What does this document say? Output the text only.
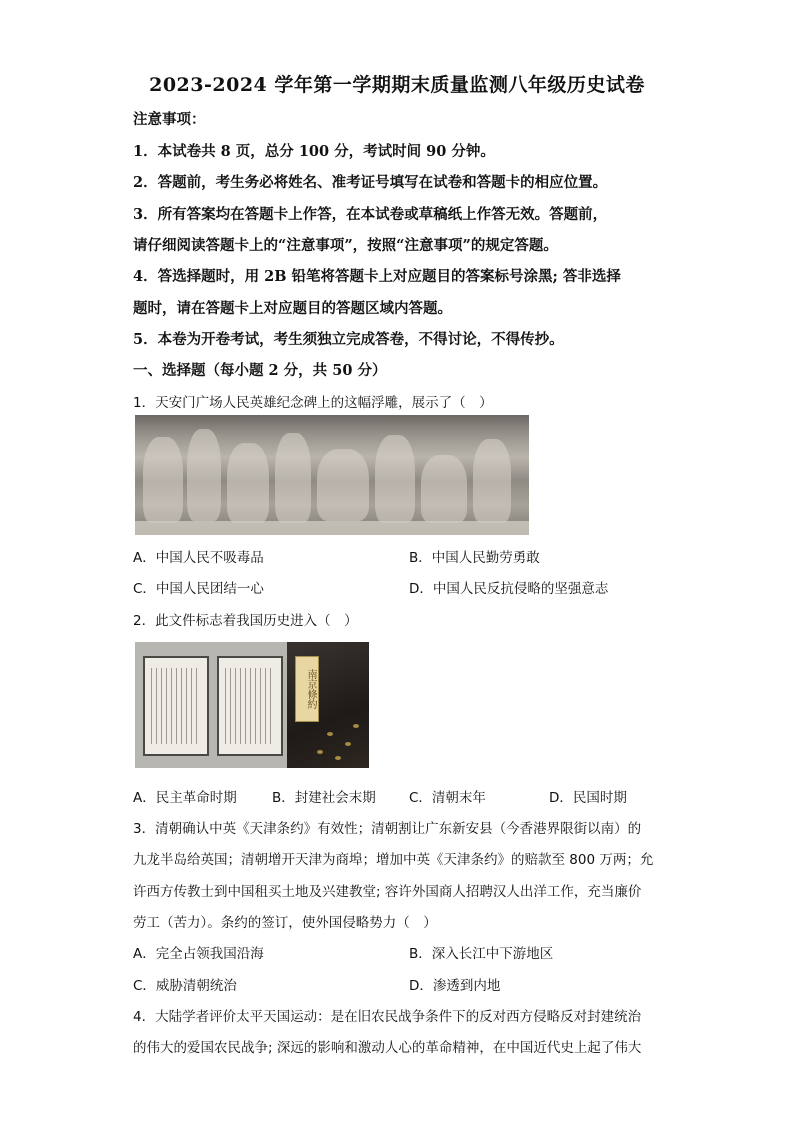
2023-2024 学年第一学期期末质量监测八年级历史试卷
注意事项：
1．本试卷共 8 页，总分 100 分，考试时间 90 分钟。
2．答题前，考生务必将姓名、准考证号填写在试卷和答题卡的相应位置。
3．所有答案均在答题卡上作答，在本试卷或草稿纸上作答无效。答题前，
请仔细阅读答题卡上的“注意事项”，按照“注意事项”的规定答题。
4．答选择题时，用 2B 铅笔将答题卡上对应题目的答案标号涂黑; 答非选择
题时，请在答题卡上对应题目的答题区域内答题。
5．本卷为开卷考试，考生须独立完成答卷，不得讨论，不得传抄。
一、选择题（每小题 2 分，共 50 分）
1．天安门广场人民英雄纪念碑上的这幅浮雕，展示了（　）
A．中国人民不吸毒品	B．中国人民勤劳勇敢
C．中国人民团结一心	D．中国人民反抗侵略的坚强意志
2．此文件标志着我国历史进入（　）
南京條約
A．民主革命时期	B．封建社会末期 C．清朝末年	D．民国时期
3．清朝确认中英《天津条约》有效性；清朝割让广东新安县（今香港界限街以南）的
九龙半岛给英国；清朝增开天津为商埠；增加中英《天津条约》的赔款至 800 万两；允
许西方传教士到中国租买土地及兴建教堂; 容许外国商人招聘汉人出洋工作，充当廉价
劳工（苦力）。条约的签订，使外国侵略势力（　）
A．完全占领我国沿海	B．深入长江中下游地区
C．威胁清朝统治	D．渗透到内地
4．大陆学者评价太平天国运动：是在旧农民战争条件下的反对西方侵略反对封建统治
的伟大的爱国农民战争; 深远的影响和激动人心的革命精神，在中国近代史上起了伟大
